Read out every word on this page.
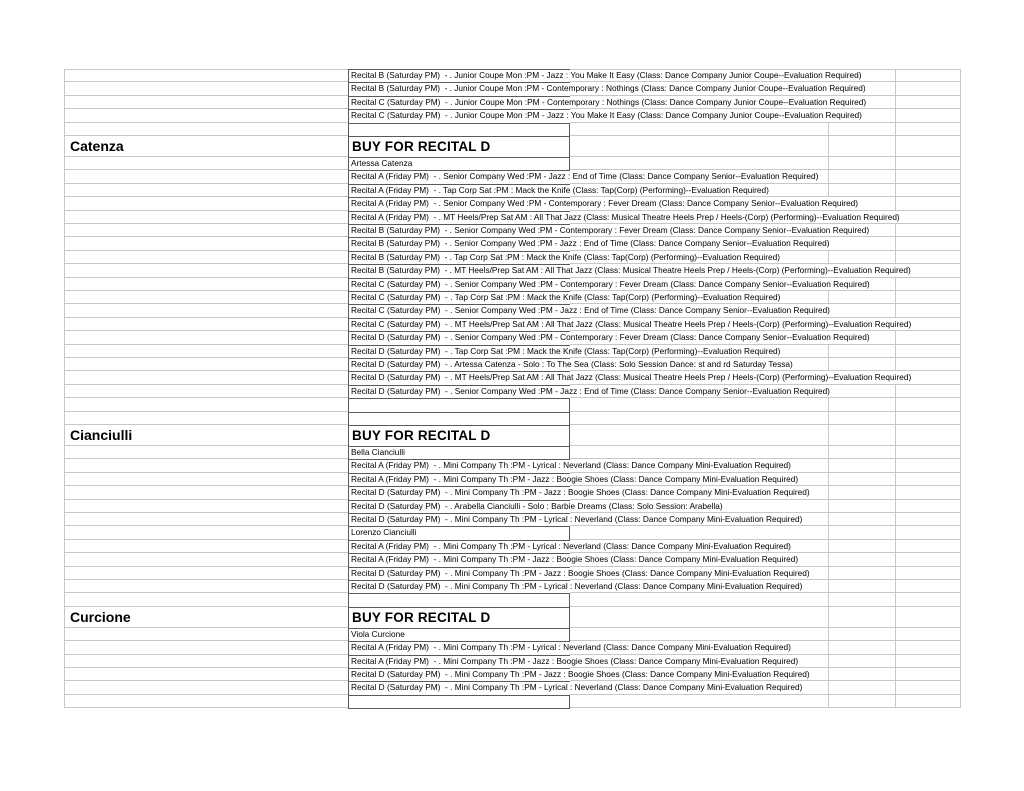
Recital B (Saturday PM)  - . Junior Coupe Mon :PM - Jazz : You Make It Easy (Class: Dance Company Junior Coupe--Evaluation Required)
Recital B (Saturday PM)  - . Junior Coupe Mon :PM - Contemporary : Nothings (Class: Dance Company Junior Coupe--Evaluation Required)
Recital C (Saturday PM)  - . Junior Coupe Mon :PM - Contemporary : Nothings (Class: Dance Company Junior Coupe--Evaluation Required)
Recital C (Saturday PM)  - . Junior Coupe Mon :PM - Jazz : You Make It Easy (Class: Dance Company Junior Coupe--Evaluation Required)
Catenza	BUY FOR RECITAL D
Artessa Catenza
Recital A (Friday PM)  - . Senior Company Wed :PM - Jazz : End of Time (Class: Dance Company Senior--Evaluation Required)
Recital A (Friday PM)  - . Tap Corp Sat :PM : Mack the Knife (Class: Tap(Corp) (Performing)--Evaluation Required)
Recital A (Friday PM)  - . Senior Company Wed :PM - Contemporary : Fever Dream (Class: Dance Company Senior--Evaluation Required)
Recital A (Friday PM)  - . MT Heels/Prep Sat AM : All That Jazz (Class: Musical Theatre Heels Prep / Heels-(Corp) (Performing)--Evaluation Required)
Recital B (Saturday PM)  - . Senior Company Wed :PM - Contemporary : Fever Dream (Class: Dance Company Senior--Evaluation Required)
Recital B (Saturday PM)  - . Senior Company Wed :PM - Jazz : End of Time (Class: Dance Company Senior--Evaluation Required)
Recital B (Saturday PM)  - . Tap Corp Sat :PM : Mack the Knife (Class: Tap(Corp) (Performing)--Evaluation Required)
Recital B (Saturday PM)  - . MT Heels/Prep Sat AM : All That Jazz (Class: Musical Theatre Heels Prep / Heels-(Corp) (Performing)--Evaluation Required)
Recital C (Saturday PM)  - . Senior Company Wed :PM - Contemporary : Fever Dream (Class: Dance Company Senior--Evaluation Required)
Recital C (Saturday PM)  - . Tap Corp Sat :PM : Mack the Knife (Class: Tap(Corp) (Performing)--Evaluation Required)
Recital C (Saturday PM)  - . Senior Company Wed :PM - Jazz : End of Time (Class: Dance Company Senior--Evaluation Required)
Recital C (Saturday PM)  - . MT Heels/Prep Sat AM : All That Jazz (Class: Musical Theatre Heels Prep / Heels-(Corp) (Performing)--Evaluation Required)
Recital D (Saturday PM)  - . Senior Company Wed :PM - Contemporary : Fever Dream (Class: Dance Company Senior--Evaluation Required)
Recital D (Saturday PM)  - . Tap Corp Sat :PM : Mack the Knife (Class: Tap(Corp) (Performing)--Evaluation Required)
Recital D (Saturday PM)  - . Artessa Catenza - Solo : To The Sea (Class: Solo Session Dance: st and rd Saturday Tessa)
Recital D (Saturday PM)  - . MT Heels/Prep Sat AM : All That Jazz (Class: Musical Theatre Heels Prep / Heels-(Corp) (Performing)--Evaluation Required)
Recital D (Saturday PM)  - . Senior Company Wed :PM - Jazz : End of Time (Class: Dance Company Senior--Evaluation Required)
Cianciulli	BUY FOR RECITAL D
Bella Cianciulli
Recital A (Friday PM)  - . Mini Company Th :PM - Lyrical : Neverland (Class: Dance Company Mini-Evaluation Required)
Recital A (Friday PM)  - . Mini Company Th :PM - Jazz : Boogie Shoes (Class: Dance Company Mini-Evaluation Required)
Recital D (Saturday PM)  - . Mini Company Th :PM - Jazz : Boogie Shoes (Class: Dance Company Mini-Evaluation Required)
Recital D (Saturday PM)  - . Arabella Cianciulli - Solo : Barbie Dreams (Class: Solo Session: Arabella)
Recital D (Saturday PM)  - . Mini Company Th :PM - Lyrical : Neverland (Class: Dance Company Mini-Evaluation Required)
Lorenzo Cianciulli
Recital A (Friday PM)  - . Mini Company Th :PM - Lyrical : Neverland (Class: Dance Company Mini-Evaluation Required)
Recital A (Friday PM)  - . Mini Company Th :PM - Jazz : Boogie Shoes (Class: Dance Company Mini-Evaluation Required)
Recital D (Saturday PM)  - . Mini Company Th :PM - Jazz : Boogie Shoes (Class: Dance Company Mini-Evaluation Required)
Recital D (Saturday PM)  - . Mini Company Th :PM - Lyrical : Neverland (Class: Dance Company Mini-Evaluation Required)
Curcione	BUY FOR RECITAL D
Viola Curcione
Recital A (Friday PM)  - . Mini Company Th :PM - Lyrical : Neverland (Class: Dance Company Mini-Evaluation Required)
Recital A (Friday PM)  - . Mini Company Th :PM - Jazz : Boogie Shoes (Class: Dance Company Mini-Evaluation Required)
Recital D (Saturday PM)  - . Mini Company Th :PM - Jazz : Boogie Shoes (Class: Dance Company Mini-Evaluation Required)
Recital D (Saturday PM)  - . Mini Company Th :PM - Lyrical : Neverland (Class: Dance Company Mini-Evaluation Required)
